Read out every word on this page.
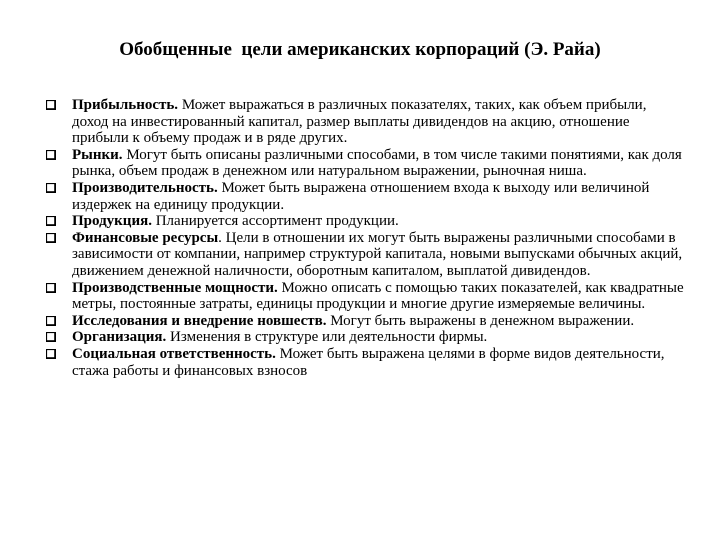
Обобщенные  цели американских корпораций (Э. Райа)
Прибыльность. Может выражаться в различных показателях, таких, как объем прибыли, доход на инвестированный капитал, размер выплаты дивидендов на акцию, отношение прибыли к объему продаж и в ряде других.
Рынки. Могут быть описаны различными способами, в том числе такими понятиями, как доля рынка, объем продаж в денежном или натуральном выражении, рыночная ниша.
Производительность. Может быть выражена отношением входа к выходу или величиной издержек на единицу продукции.
Продукция. Планируется ассортимент продукции.
Финансовые ресурсы. Цели в отношении их могут быть выражены различными способами в зависимости от компании, например структурой капитала, новыми выпусками обычных акций, движением денежной наличности, оборотным капиталом, выплатой дивидендов.
Производственные мощности. Можно описать с помощью таких показателей, как квадратные метры, постоянные затраты, единицы продукции и многие другие измеряемые величины.
Исследования и внедрение новшеств. Могут быть выражены в денежном выражении.
Организация. Изменения в структуре или деятельности фирмы.
Социальная ответственность. Может быть выражена целями в форме видов деятельности, стажа работы и финансовых взносов
